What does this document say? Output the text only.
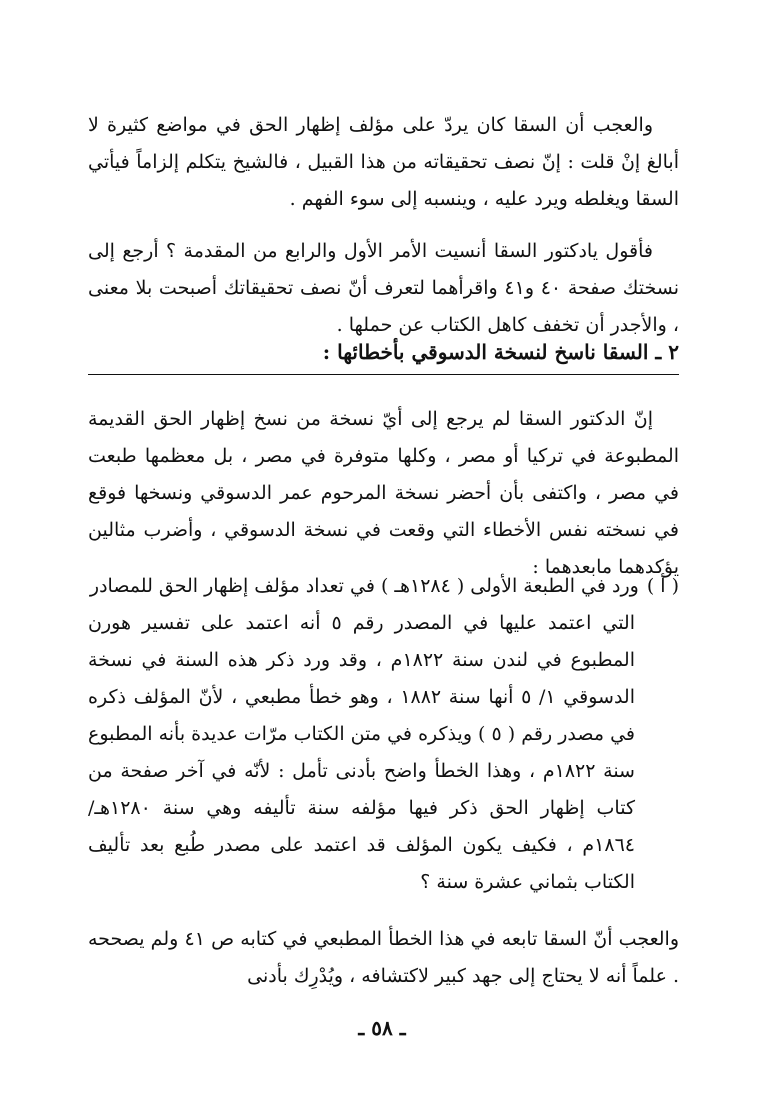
والعجب أن السقا كان يردّ على مؤلف إظهار الحق في مواضع كثيرة لا أبالغ إنْ قلت : إنّ نصف تحقيقاته من هذا القبيل ، فالشيخ يتكلم إلزاماً فيأتي السقا ويغلطه ويرد عليه ، وينسبه إلى سوء الفهم .

فأقول يادكتور السقا أنسيت الأمر الأول والرابع من المقدمة ؟ أرجع إلى نسختك صفحة ٤٠ و٤١ واقرأهما لتعرف أنّ نصف تحقيقاتك أصبحت بلا معنى ، والأجدر أن تخفف كاهل الكتاب عن حملها .

٢ ـ السقا ناسخ لنسخة الدسوقي بأخطائها :

إنّ الدكتور السقا لم يرجع إلى أيّ نسخة من نسخ إظهار الحق القديمة المطبوعة في تركيا أو مصر ، وكلها متوفرة في مصر ، بل معظمها طبعت في مصر ، واكتفى بأن أحضر نسخة المرحوم عمر الدسوقي ونسخها فوقع في نسخته نفس الأخطاء التي وقعت في نسخة الدسوقي ، وأضرب مثالين يؤكدهما مابعدهما :

( أ )
ورد في الطبعة الأولى ( ١٢٨٤هـ ) في تعداد مؤلف إظهار الحق للمصادر
التي اعتمد عليها في المصدر رقم ٥ أنه اعتمد على تفسير هورن المطبوع في لندن سنة ١٨٢٢م ، وقد ورد ذكر هذه السنة في نسخة الدسوقي ١/ ٥ أنها سنة ١٨٨٢ ، وهو خطأ مطبعي ، لأنّ المؤلف ذكره في مصدر رقم ( ٥ ) ويذكره في متن الكتاب مرّات عديدة بأنه المطبوع سنة ١٨٢٢م ، وهذا الخطأ واضح بأدنى تأمل : لأنّه في آخر صفحة من كتاب إظهار الحق ذكر فيها مؤلفه سنة تأليفه وهي سنة ١٢٨٠هـ/ ١٨٦٤م ، فكيف يكون المؤلف قد اعتمد على مصدر طُبع بعد تأليف الكتاب بثماني عشرة سنة ؟

والعجب أنّ السقا تابعه في هذا الخطأ المطبعي في كتابه ص ٤١ ولم يصححه . علماً أنه لا يحتاج إلى جهد كبير لاكتشافه ، ويُدْرِك بأدنى

ـ ٥٨ ـ
